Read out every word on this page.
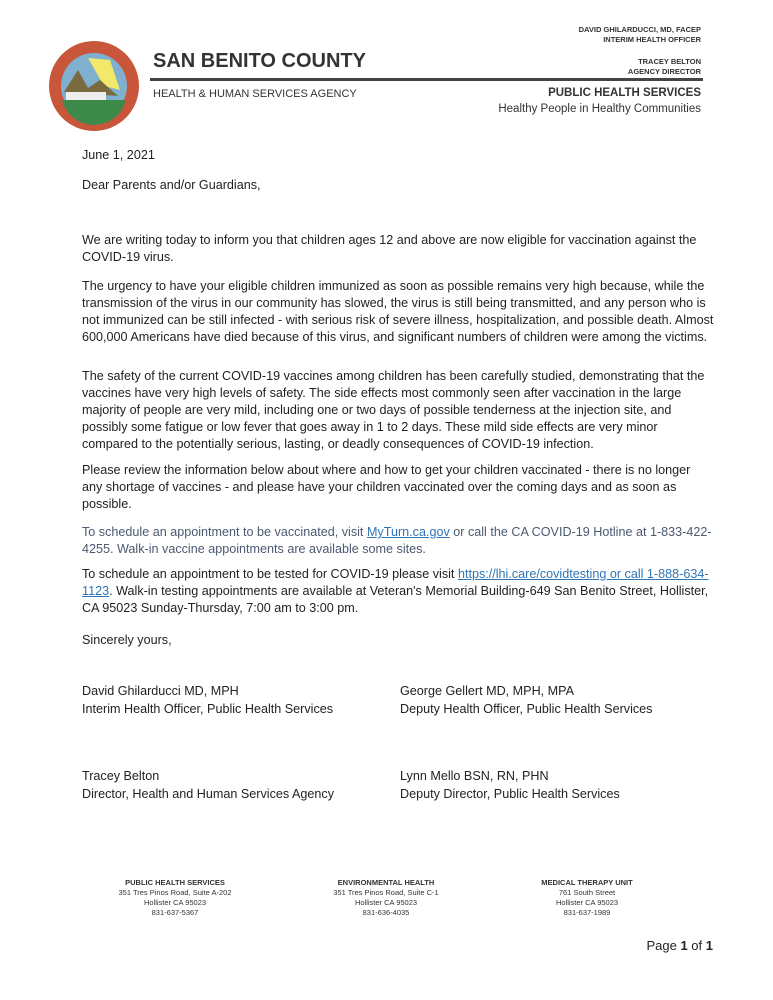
SAN BENITO COUNTY
HEALTH & HUMAN SERVICES AGENCY
DAVID GHILARDUCCI, MD, FACEP
INTERIM HEALTH OFFICER
TRACEY BELTON
AGENCY DIRECTOR
PUBLIC HEALTH SERVICES
Healthy People in Healthy Communities
June 1, 2021
Dear Parents and/or Guardians,

We are writing today to inform you that children ages 12 and above are now eligible for vaccination against the COVID-19 virus.

The urgency to have your eligible children immunized as soon as possible remains very high because, while the transmission of the virus in our community has slowed, the virus is still being transmitted, and any person who is not immunized can be still infected - with serious risk of severe illness, hospitalization, and possible death. Almost 600,000 Americans have died because of this virus, and significant numbers of children were among the victims.

The safety of the current COVID-19 vaccines among children has been carefully studied, demonstrating that the vaccines have very high levels of safety. The side effects most commonly seen after vaccination in the large majority of people are very mild, including one or two days of possible tenderness at the injection site, and possibly some fatigue or low fever that goes away in 1 to 2 days. These mild side effects are very minor compared to the potentially serious, lasting, or deadly consequences of COVID-19 infection.

Please review the information below about where and how to get your children vaccinated - there is no longer any shortage of vaccines - and please have your children vaccinated over the coming days and as soon as possible.

To schedule an appointment to be vaccinated, visit MyTurn.ca.gov or call the CA COVID-19 Hotline at 1-833-422-4255. Walk-in vaccine appointments are available some sites.

To schedule an appointment to be tested for COVID-19 please visit https://lhi.care/covidtesting or call 1-888-634-1123. Walk-in testing appointments are available at Veteran's Memorial Building-649 San Benito Street, Hollister, CA 95023 Sunday-Thursday, 7:00 am to 3:00 pm.

Sincerely yours,
David Ghilarducci MD, MPH
Interim Health Officer, Public Health Services
George Gellert MD, MPH, MPA
Deputy Health Officer, Public Health Services
Tracey Belton
Director, Health and Human Services Agency
Lynn Mello BSN, RN, PHN
Deputy Director, Public Health Services
PUBLIC HEALTH SERVICES
351 Tres Pinos Road, Suite A-202
Hollister CA 95023
831-637-5367
ENVIRONMENTAL HEALTH
351 Tres Pinos Road, Suite C-1
Hollister CA 95023
831-636-4035
MEDICAL THERAPY UNIT
761 South Street
Hollister CA 95023
831-637-1989
Page 1 of 1
